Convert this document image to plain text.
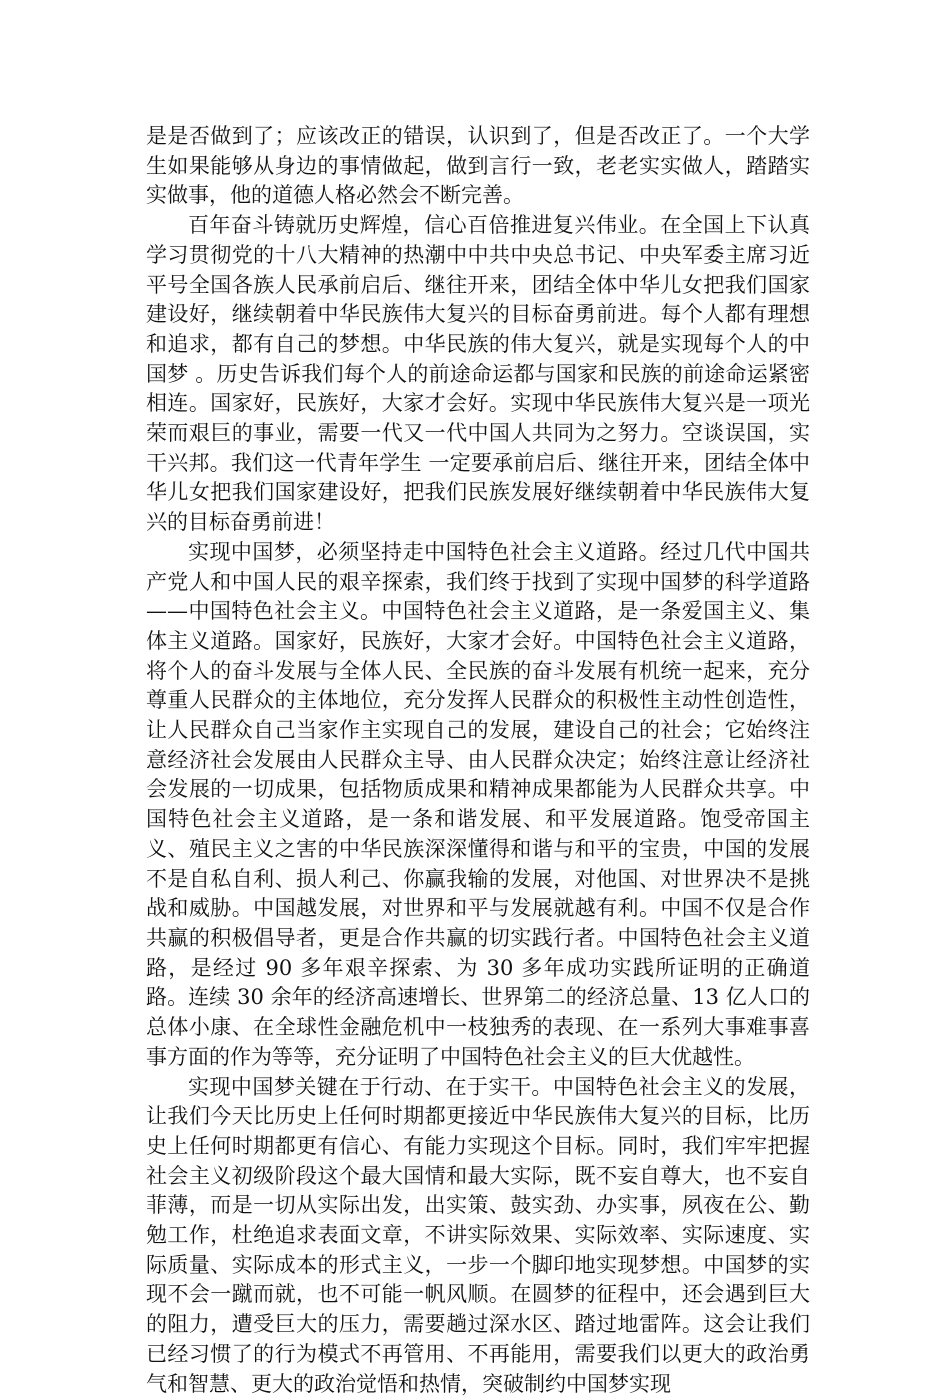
是是否做到了；应该改正的错误，认识到了，但是否改正了。一个大学生如果能够从身边的事情做起，做到言行一致，老老实实做人，踏踏实实做事，他的道德人格必然会不断完善。

百年奋斗铸就历史辉煌，信心百倍推进复兴伟业。在全国上下认真学习贯彻党的十八大精神的热潮中中共中央总书记、中央军委主席习近平号全国各族人民承前启后、继往开来，团结全体中华儿女把我们国家建设好，继续朝着中华民族伟大复兴的目标奋勇前进。每个人都有理想和追求，都有自己的梦想。中华民族的伟大复兴，就是实现每个人的中国梦 。历史告诉我们每个人的前途命运都与国家和民族的前途命运紧密相连。国家好，民族好，大家才会好。实现中华民族伟大复兴是一项光荣而艰巨的事业，需要一代又一代中国人共同为之努力。空谈误国，实干兴邦。我们这一代青年学生 一定要承前启后、继往开来，团结全体中华儿女把我们国家建设好，把我们民族发展好继续朝着中华民族伟大复兴的目标奋勇前进！

实现中国梦，必须坚持走中国特色社会主义道路。经过几代中国共产党人和中国人民的艰辛探索，我们终于找到了实现中国梦的科学道路——中国特色社会主义。中国特色社会主义道路，是一条爱国主义、集体主义道路。国家好，民族好，大家才会好。中国特色社会主义道路，将个人的奋斗发展与全体人民、全民族的奋斗发展有机统一起来，充分尊重人民群众的主体地位，充分发挥人民群众的积极性主动性创造性，让人民群众自己当家作主实现自己的发展，建设自己的社会；它始终注意经济社会发展由人民群众主导、由人民群众决定；始终注意让经济社会发展的一切成果，包括物质成果和精神成果都能为人民群众共享。中国特色社会主义道路，是一条和谐发展、和平发展道路。饱受帝国主义、殖民主义之害的中华民族深深懂得和谐与和平的宝贵，中国的发展不是自私自利、损人利己、你赢我输的发展，对他国、对世界决不是挑战和威胁。中国越发展，对世界和平与发展就越有利。中国不仅是合作共赢的积极倡导者，更是合作共赢的切实践行者。中国特色社会主义道路，是经过 90 多年艰辛探索、为 30 多年成功实践所证明的正确道路。连续 30 余年的经济高速增长、世界第二的经济总量、13 亿人口的总体小康、在全球性金融危机中一枝独秀的表现、在一系列大事难事喜事方面的作为等等，充分证明了中国特色社会主义的巨大优越性。

实现中国梦关键在于行动、在于实干。中国特色社会主义的发展，让我们今天比历史上任何时期都更接近中华民族伟大复兴的目标，比历史上任何时期都更有信心、有能力实现这个目标。同时，我们牢牢把握社会主义初级阶段这个最大国情和最大实际，既不妄自尊大，也不妄自菲薄，而是一切从实际出发，出实策、鼓实劲、办实事，夙夜在公、勤勉工作，杜绝追求表面文章，不讲实际效果、实际效率、实际速度、实际质量、实际成本的形式主义，一步一个脚印地实现梦想。中国梦的实现不会一蹴而就，也不可能一帆风顺。在圆梦的征程中，还会遇到巨大的阻力，遭受巨大的压力，需要趟过深水区、踏过地雷阵。这会让我们已经习惯了的行为模式不再管用、不再能用，需要我们以更大的政治勇气和智慧、更大的政治觉悟和热情，突破制约中国梦实现
